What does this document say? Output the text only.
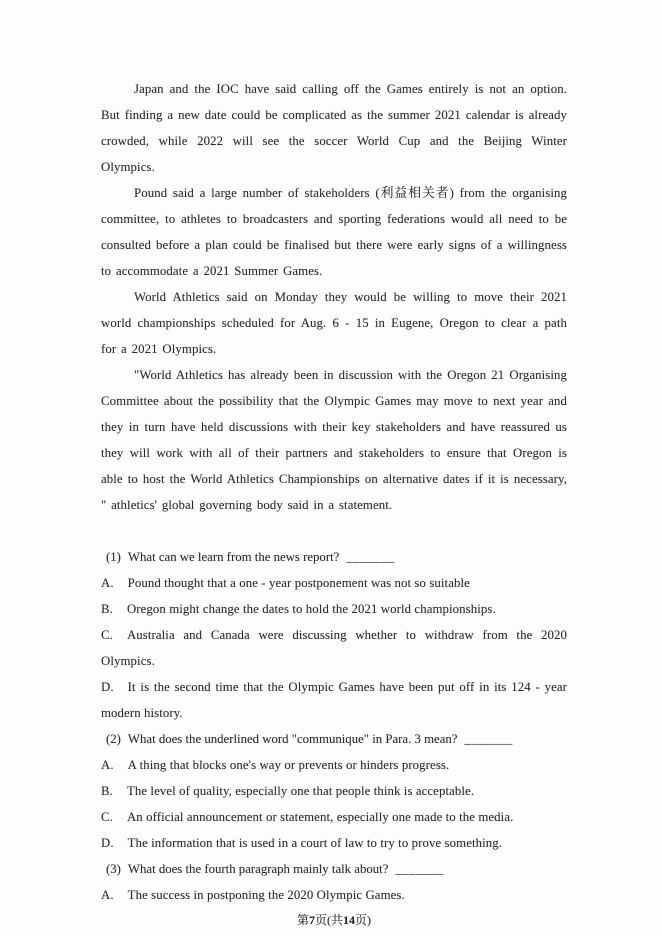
Japan and the IOC have said calling off the Games entirely is not an option. But finding a new date could be complicated as the summer 2021 calendar is already crowded, while 2022 will see the soccer World Cup and the Beijing Winter Olympics.

Pound said a large number of stakeholders (利益相关者) from the organising committee, to athletes to broadcasters and sporting federations would all need to be consulted before a plan could be finalised but there were early signs of a willingness to accommodate a 2021 Summer Games.

World Athletics said on Monday they would be willing to move their 2021 world championships scheduled for Aug. 6 - 15 in Eugene, Oregon to clear a path for a 2021 Olympics.

"World Athletics has already been in discussion with the Oregon 21 Organising Committee about the possibility that the Olympic Games may move to next year and they in turn have held discussions with their key stakeholders and have reassured us they will work with all of their partners and stakeholders to ensure that Oregon is able to host the World Athletics Championships on alternative dates if it is necessary, " athletics' global governing body said in a statement.

(1) What can we learn from the news report? _______
A. Pound thought that a one - year postponement was not so suitable
B. Oregon might change the dates to hold the 2021 world championships.
C. Australia and Canada were discussing whether to withdraw from the 2020 Olympics.
D. It is the second time that the Olympic Games have been put off in its 124 - year modern history.
(2) What does the underlined word "communique" in Para. 3 mean? _______
A. A thing that blocks one's way or prevents or hinders progress.
B. The level of quality, especially one that people think is acceptable.
C. An official announcement or statement, especially one made to the media.
D. The information that is used in a court of law to try to prove something.
(3) What does the fourth paragraph mainly talk about? _______
A. The success in postponing the 2020 Olympic Games.
第7页(共14页)
